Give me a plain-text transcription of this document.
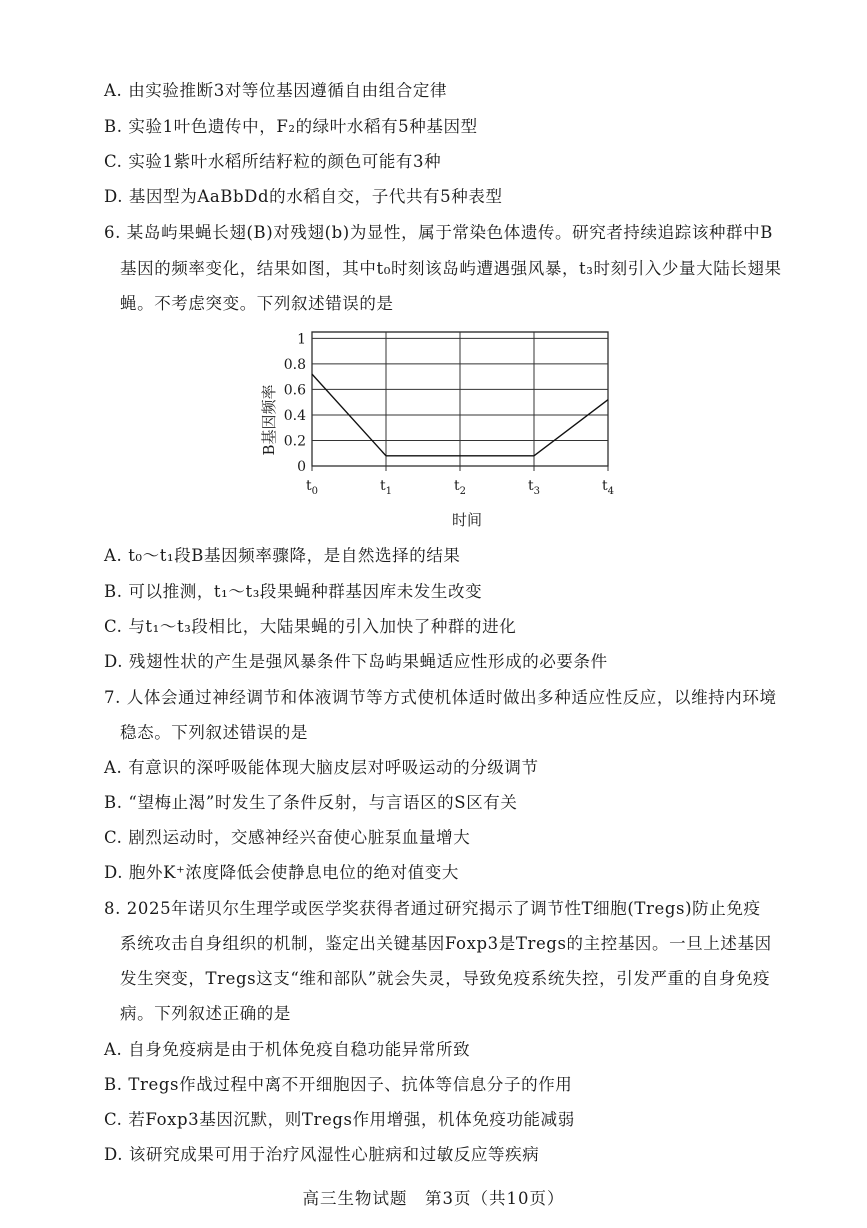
A. 由实验推断3对等位基因遵循自由组合定律
B. 实验1叶色遗传中，F₂的绿叶水稻有5种基因型
C. 实验1紫叶水稻所结籽粒的颜色可能有3种
D. 基因型为AaBbDd的水稻自交，子代共有5种表型
6. 某岛屿果蝇长翅(B)对残翅(b)为显性，属于常染色体遗传。研究者持续追踪该种群中B
基因的频率变化，结果如图，其中t₀时刻该岛屿遭遇强风暴，t₃时刻引入少量大陆长翅果
蝇。不考虑突变。下列叙述错误的是
0
0.2
0.4
0.6
0.8
1
$t_0$	$t_1$	$t_2$	$t_3$	$t_4$
B基因频率
时间
A. t₀～t₁段B基因频率骤降，是自然选择的结果
B. 可以推测，t₁～t₃段果蝇种群基因库未发生改变
C. 与t₁～t₃段相比，大陆果蝇的引入加快了种群的进化
D. 残翅性状的产生是强风暴条件下岛屿果蝇适应性形成的必要条件
7. 人体会通过神经调节和体液调节等方式使机体适时做出多种适应性反应，以维持内环境
稳态。下列叙述错误的是
A. 有意识的深呼吸能体现大脑皮层对呼吸运动的分级调节
B. “望梅止渴”时发生了条件反射，与言语区的S区有关
C. 剧烈运动时，交感神经兴奋使心脏泵血量增大
D. 胞外K⁺浓度降低会使静息电位的绝对值变大
8. 2025年诺贝尔生理学或医学奖获得者通过研究揭示了调节性T细胞(Tregs)防止免疫
系统攻击自身组织的机制，鉴定出关键基因Foxp3是Tregs的主控基因。一旦上述基因
发生突变，Tregs这支“维和部队”就会失灵，导致免疫系统失控，引发严重的自身免疫
病。下列叙述正确的是
A. 自身免疫病是由于机体免疫自稳功能异常所致
B. Tregs作战过程中离不开细胞因子、抗体等信息分子的作用
C. 若Foxp3基因沉默，则Tregs作用增强，机体免疫功能减弱
D. 该研究成果可用于治疗风湿性心脏病和过敏反应等疾病
高三生物试题　第3页（共10页）
